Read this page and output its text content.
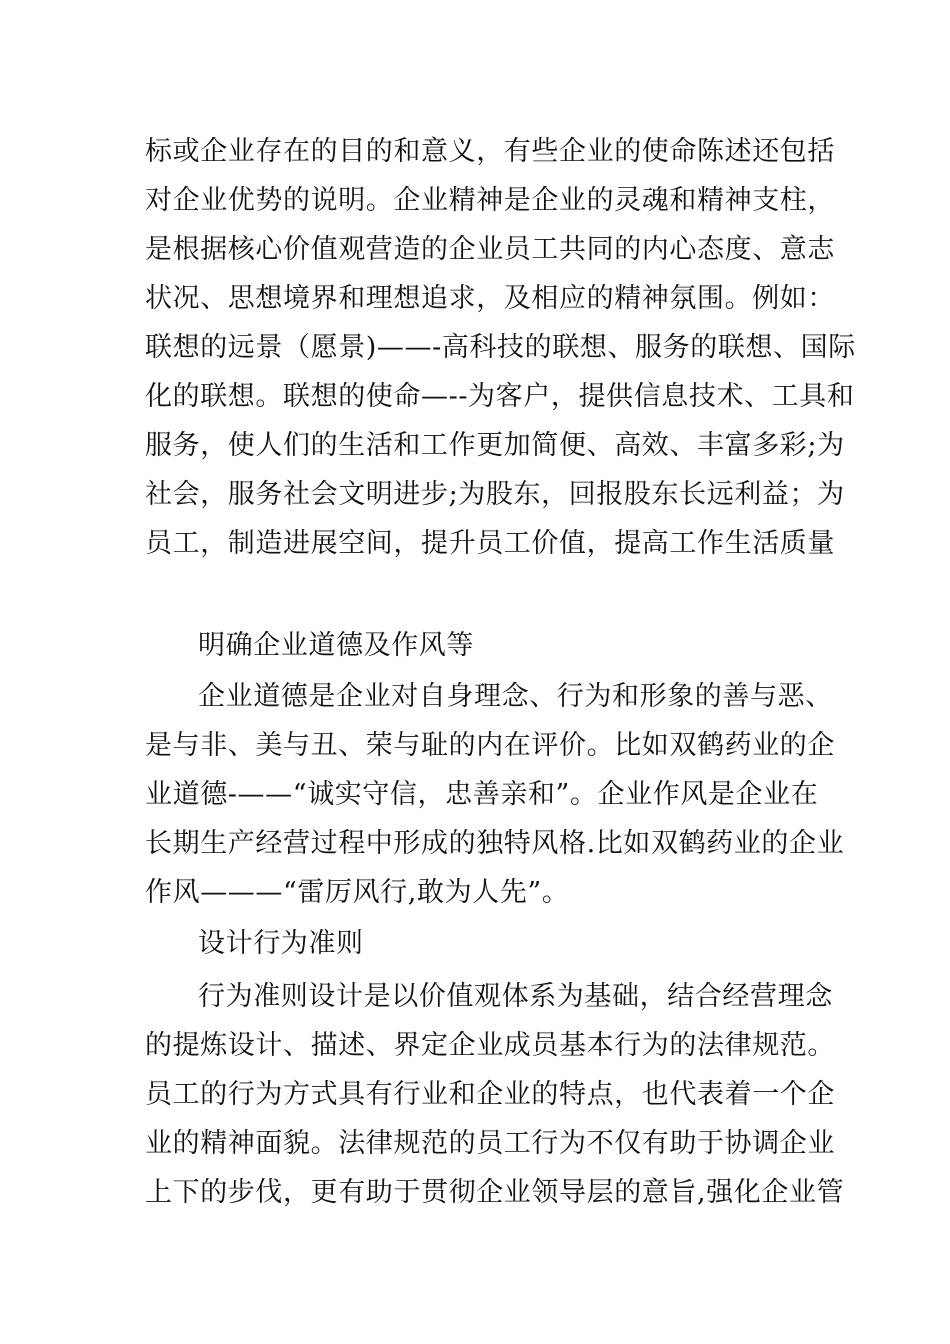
标或企业存在的目的和意义，有些企业的使命陈述还包括
对企业优势的说明。企业精神是企业的灵魂和精神支柱，
是根据核心价值观营造的企业员工共同的内心态度、意志
状况、思想境界和理想追求，及相应的精神氛围。例如：
联想的远景（愿景)——-高科技的联想、服务的联想、国际
化的联想。联想的使命—--为客户，提供信息技术、工具和
服务，使人们的生活和工作更加简便、高效、丰富多彩;为
社会，服务社会文明进步;为股东，回报股东长远利益；为
员工，制造进展空间，提升员工价值，提高工作生活质量
明确企业道德及作风等
企业道德是企业对自身理念、行为和形象的善与恶、
是与非、美与丑、荣与耻的内在评价。比如双鹤药业的企
业道德-——“诚实守信，忠善亲和”。企业作风是企业在
长期生产经营过程中形成的独特风格.比如双鹤药业的企业
作风———“雷厉风行,敢为人先”。
设计行为准则
行为准则设计是以价值观体系为基础，结合经营理念
的提炼设计、描述、界定企业成员基本行为的法律规范。
员工的行为方式具有行业和企业的特点，也代表着一个企
业的精神面貌。法律规范的员工行为不仅有助于协调企业
上下的步伐，更有助于贯彻企业领导层的意旨,强化企业管
